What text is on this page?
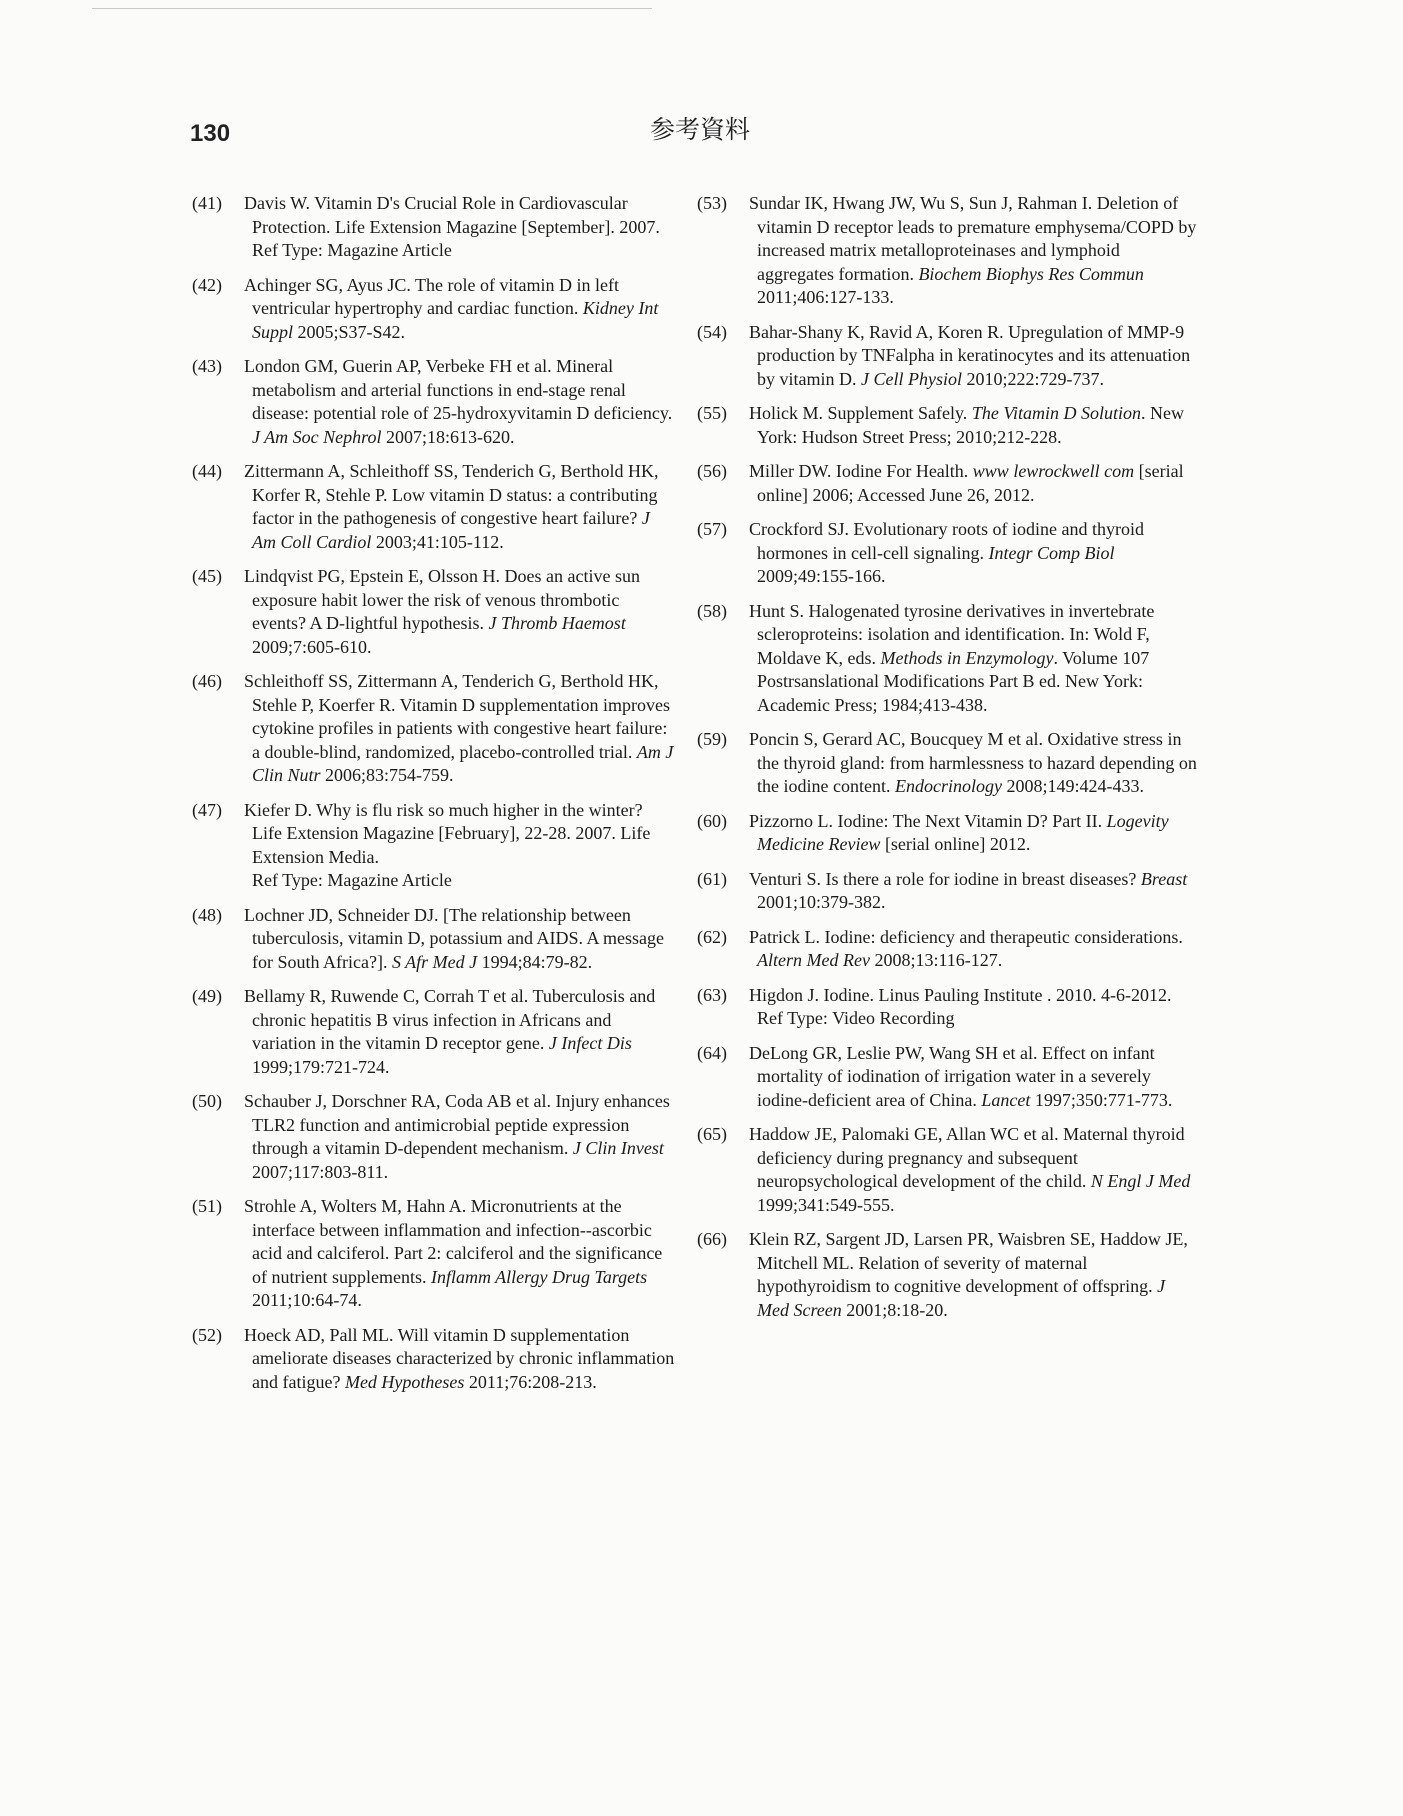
130	参考資料
(41) Davis W. Vitamin D's Crucial Role in Cardiovascular Protection. Life Extension Magazine [September]. 2007.
Ref Type: Magazine Article
(42) Achinger SG, Ayus JC. The role of vitamin D in left ventricular hypertrophy and cardiac function. Kidney Int Suppl 2005;S37-S42.
(43) London GM, Guerin AP, Verbeke FH et al. Mineral metabolism and arterial functions in end-stage renal disease: potential role of 25-hydroxyvitamin D deficiency. J Am Soc Nephrol 2007;18:613-620.
(44) Zittermann A, Schleithoff SS, Tenderich G, Berthold HK, Korfer R, Stehle P. Low vitamin D status: a contributing factor in the pathogenesis of congestive heart failure? J Am Coll Cardiol 2003;41:105-112.
(45) Lindqvist PG, Epstein E, Olsson H. Does an active sun exposure habit lower the risk of venous thrombotic events? A D-lightful hypothesis. J Thromb Haemost 2009;7:605-610.
(46) Schleithoff SS, Zittermann A, Tenderich G, Berthold HK, Stehle P, Koerfer R. Vitamin D supplementation improves cytokine profiles in patients with congestive heart failure: a double-blind, randomized, placebo-controlled trial. Am J Clin Nutr 2006;83:754-759.
(47) Kiefer D. Why is flu risk so much higher in the winter? Life Extension Magazine [February], 22-28. 2007. Life Extension Media.
Ref Type: Magazine Article
(48) Lochner JD, Schneider DJ. [The relationship between tuberculosis, vitamin D, potassium and AIDS. A message for South Africa?]. S Afr Med J 1994;84:79-82.
(49) Bellamy R, Ruwende C, Corrah T et al. Tuberculosis and chronic hepatitis B virus infection in Africans and variation in the vitamin D receptor gene. J Infect Dis 1999;179:721-724.
(50) Schauber J, Dorschner RA, Coda AB et al. Injury enhances TLR2 function and antimicrobial peptide expression through a vitamin D-dependent mechanism. J Clin Invest 2007;117:803-811.
(51) Strohle A, Wolters M, Hahn A. Micronutrients at the interface between inflammation and infection--ascorbic acid and calciferol. Part 2: calciferol and the significance of nutrient supplements. Inflamm Allergy Drug Targets 2011;10:64-74.
(52) Hoeck AD, Pall ML. Will vitamin D supplementation ameliorate diseases characterized by chronic inflammation and fatigue? Med Hypotheses 2011;76:208-213.
(53) Sundar IK, Hwang JW, Wu S, Sun J, Rahman I. Deletion of vitamin D receptor leads to premature emphysema/COPD by increased matrix metalloproteinases and lymphoid aggregates formation. Biochem Biophys Res Commun 2011;406:127-133.
(54) Bahar-Shany K, Ravid A, Koren R. Upregulation of MMP-9 production by TNFalpha in keratinocytes and its attenuation by vitamin D. J Cell Physiol 2010;222:729-737.
(55) Holick M. Supplement Safely. The Vitamin D Solution. New York: Hudson Street Press; 2010;212-228.
(56) Miller DW. Iodine For Health. www lewrockwell com [serial online] 2006; Accessed June 26, 2012.
(57) Crockford SJ. Evolutionary roots of iodine and thyroid hormones in cell-cell signaling. Integr Comp Biol 2009;49:155-166.
(58) Hunt S. Halogenated tyrosine derivatives in invertebrate scleroproteins: isolation and identification. In: Wold F, Moldave K, eds. Methods in Enzymology. Volume 107 Postrsanslational Modifications Part B ed. New York: Academic Press; 1984;413-438.
(59) Poncin S, Gerard AC, Boucquey M et al. Oxidative stress in the thyroid gland: from harmlessness to hazard depending on the iodine content. Endocrinology 2008;149:424-433.
(60) Pizzorno L. Iodine: The Next Vitamin D? Part II. Logevity Medicine Review [serial online] 2012.
(61) Venturi S. Is there a role for iodine in breast diseases? Breast 2001;10:379-382.
(62) Patrick L. Iodine: deficiency and therapeutic considerations. Altern Med Rev 2008;13:116-127.
(63) Higdon J. Iodine. Linus Pauling Institute . 2010. 4-6-2012.
Ref Type: Video Recording
(64) DeLong GR, Leslie PW, Wang SH et al. Effect on infant mortality of iodination of irrigation water in a severely iodine-deficient area of China. Lancet 1997;350:771-773.
(65) Haddow JE, Palomaki GE, Allan WC et al. Maternal thyroid deficiency during pregnancy and subsequent neuropsychological development of the child. N Engl J Med 1999;341:549-555.
(66) Klein RZ, Sargent JD, Larsen PR, Waisbren SE, Haddow JE, Mitchell ML. Relation of severity of maternal hypothyroidism to cognitive development of offspring. J Med Screen 2001;8:18-20.
